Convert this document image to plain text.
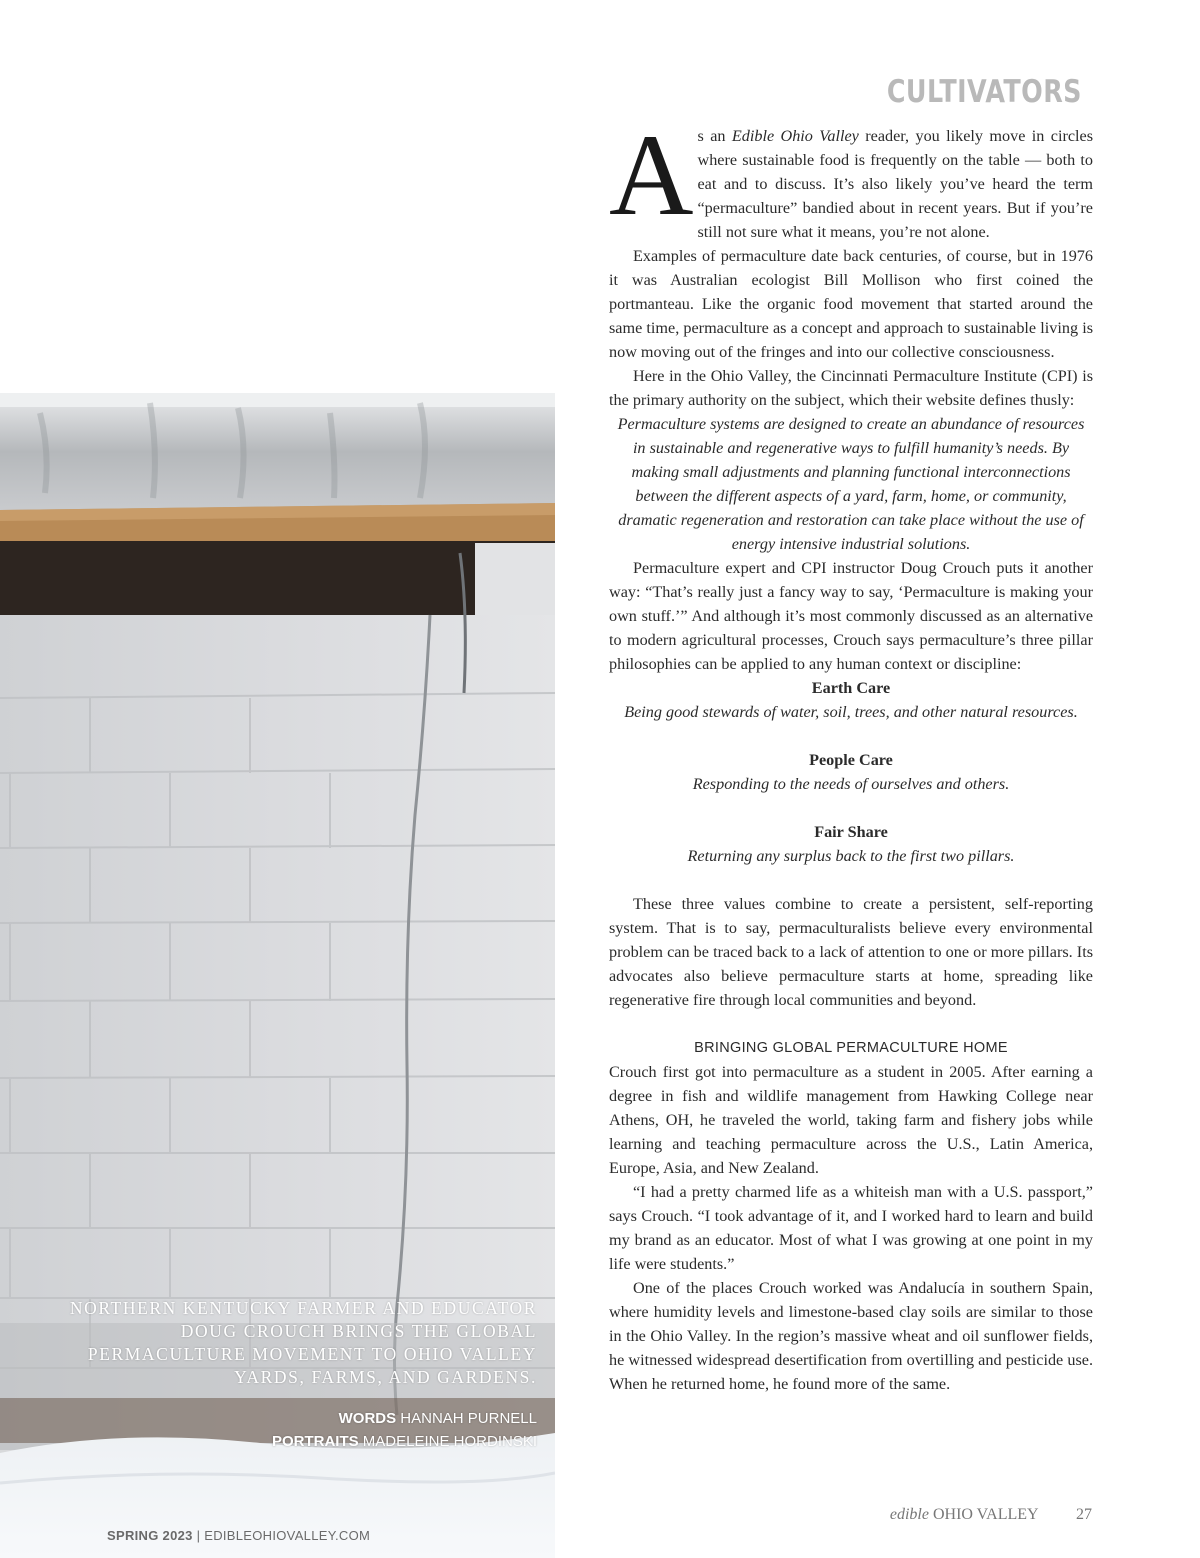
CULTIVATORS
NORTHERN KENTUCKY FARMER AND EDUCATOR DOUG CROUCH BRINGS THE GLOBAL PERMACULTURE MOVEMENT TO OHIO VALLEY YARDS, FARMS, AND GARDENS.
WORDS HANNAH PURNELL
PORTRAITS MADELEINE HORDINSKI
SPRING 2023 | EDIBLEOHIOVALLEY.COM

As an Edible Ohio Valley reader, you likely move in circles where sustainable food is frequently on the table — both to eat and to discuss. It’s also likely you’ve heard the term “permaculture” bandied about in recent years. But if you’re still not sure what it means, you’re not alone.

Examples of permaculture date back centuries, of course, but in 1976 it was Australian ecologist Bill Mollison who first coined the portmanteau. Like the organic food movement that started around the same time, permaculture as a concept and approach to sustainable living is now moving out of the fringes and into our collective consciousness.

Here in the Ohio Valley, the Cincinnati Permaculture Institute (CPI) is the primary authority on the subject, which their website defines thusly:

Permaculture systems are designed to create an abundance of resources in sustainable and regenerative ways to fulfill humanity’s needs. By making small adjustments and planning functional interconnections between the different aspects of a yard, farm, home, or community, dramatic regeneration and restoration can take place without the use of energy intensive industrial solutions.

Permaculture expert and CPI instructor Doug Crouch puts it another way: “That’s really just a fancy way to say, ‘Permaculture is making your own stuff.’” And although it’s most commonly discussed as an alternative to modern agricultural processes, Crouch says permaculture’s three pillar philosophies can be applied to any human context or discipline:

Earth Care
Being good stewards of water, soil, trees, and other natural resources.
People Care
Responding to the needs of ourselves and others.
Fair Share
Returning any surplus back to the first two pillars.

These three values combine to create a persistent, self-reporting system. That is to say, permaculturalists believe every environmental problem can be traced back to a lack of attention to one or more pillars. Its advocates also believe permaculture starts at home, spreading like regenerative fire through local communities and beyond.

BRINGING GLOBAL PERMACULTURE HOME

Crouch first got into permaculture as a student in 2005. After earning a degree in fish and wildlife management from Hawking College near Athens, OH, he traveled the world, taking farm and fishery jobs while learning and teaching permaculture across the U.S., Latin America, Europe, Asia, and New Zealand.

“I had a pretty charmed life as a whiteish man with a U.S. passport,” says Crouch. “I took advantage of it, and I worked hard to learn and build my brand as an educator. Most of what I was growing at one point in my life were students.”

One of the places Crouch worked was Andalucía in southern Spain, where humidity levels and limestone-based clay soils are similar to those in the Ohio Valley. In the region’s massive wheat and oil sunflower fields, he witnessed widespread desertification from overtilling and pesticide use. When he returned home, he found more of the same.

edible OHIO VALLEY 27
